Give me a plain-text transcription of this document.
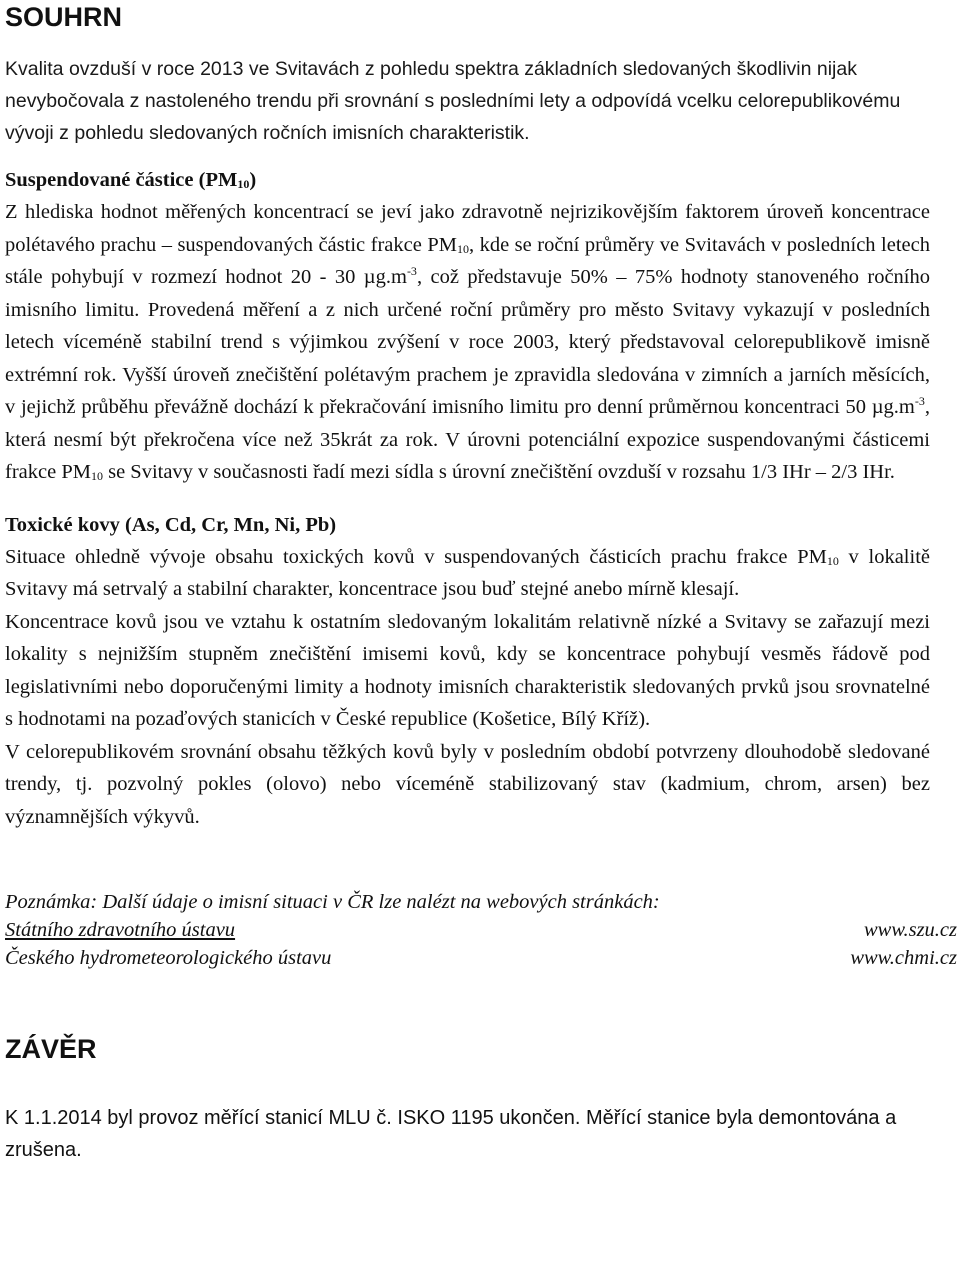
SOUHRN

Kvalita ovzduší v roce 2013 ve Svitavách z pohledu spektra základních sledovaných škodlivin nijak nevybočovala z nastoleného trendu při srovnání s posledními lety a odpovídá vcelku celorepublikovému vývoji z pohledu sledovaných ročních imisních charakteristik.

Suspendované částice $(PM_{10})$

Z hlediska hodnot měřených koncentrací se jeví jako zdravotně nejrizikovějším faktorem úroveň koncentrace polétavého prachu – suspendovaných částic frakce $PM_{10}$, kde se roční průměry ve Svitavách v posledních letech stále pohybují v rozmezí hodnot 20 - 30 $\mu g.m^{-3}$, což představuje 50% – 75% hodnoty stanoveného ročního imisního limitu. Provedená měření a z nich určené roční průměry pro město Svitavy vykazují v posledních letech víceméně stabilní trend s výjimkou zvýšení v roce 2003, který představoval celorepublikově imisně extrémní rok. Vyšší úroveň znečištění polétavým prachem je zpravidla sledována v zimních a jarních měsících, v jejichž průběhu převážně dochází k překračování imisního limitu pro denní průměrnou koncentraci 50 $\mu g.m^{-3}$, která nesmí být překročena více než 35krát za rok. V úrovni potenciální expozice suspendovanými částicemi frakce $PM_{10}$ se Svitavy v současnosti řadí mezi sídla s úrovní znečištění ovzduší v rozsahu 1/3 IHr – 2/3 IHr.

Toxické kovy (As, Cd, Cr, Mn, Ni, Pb)

Situace ohledně vývoje obsahu toxických kovů v suspendovaných částicích prachu frakce $PM_{10}$ v lokalitě Svitavy má setrvalý a stabilní charakter, koncentrace jsou buď stejné anebo mírně klesají.

Koncentrace kovů jsou ve vztahu k ostatním sledovaným lokalitám relativně nízké a Svitavy se zařazují mezi lokality s nejnižším stupněm znečištění imisemi kovů, kdy se koncentrace pohybují vesměs řádově pod legislativními nebo doporučenými limity a hodnoty imisních charakteristik sledovaných prvků jsou srovnatelné s hodnotami na pozaďových stanicích v České republice (Košetice, Bílý Kříž).

V celorepublikovém srovnání obsahu těžkých kovů byly v posledním období potvrzeny dlouhodobě sledované trendy, tj. pozvolný pokles (olovo) nebo víceméně stabilizovaný stav (kadmium, chrom, arsen) bez významnějších výkyvů.

Poznámka: Další údaje o imisní situaci v ČR lze nalézt na webových stránkách:

Státního zdravotního ústavu	www.szu.cz
Českého hydrometeorologického ústavu	www.chmi.cz
ZÁVĚR

K 1.1.2014 byl provoz měřící stanicí MLU č. ISKO 1195 ukončen. Měřící stanice byla demontována a zrušena.
